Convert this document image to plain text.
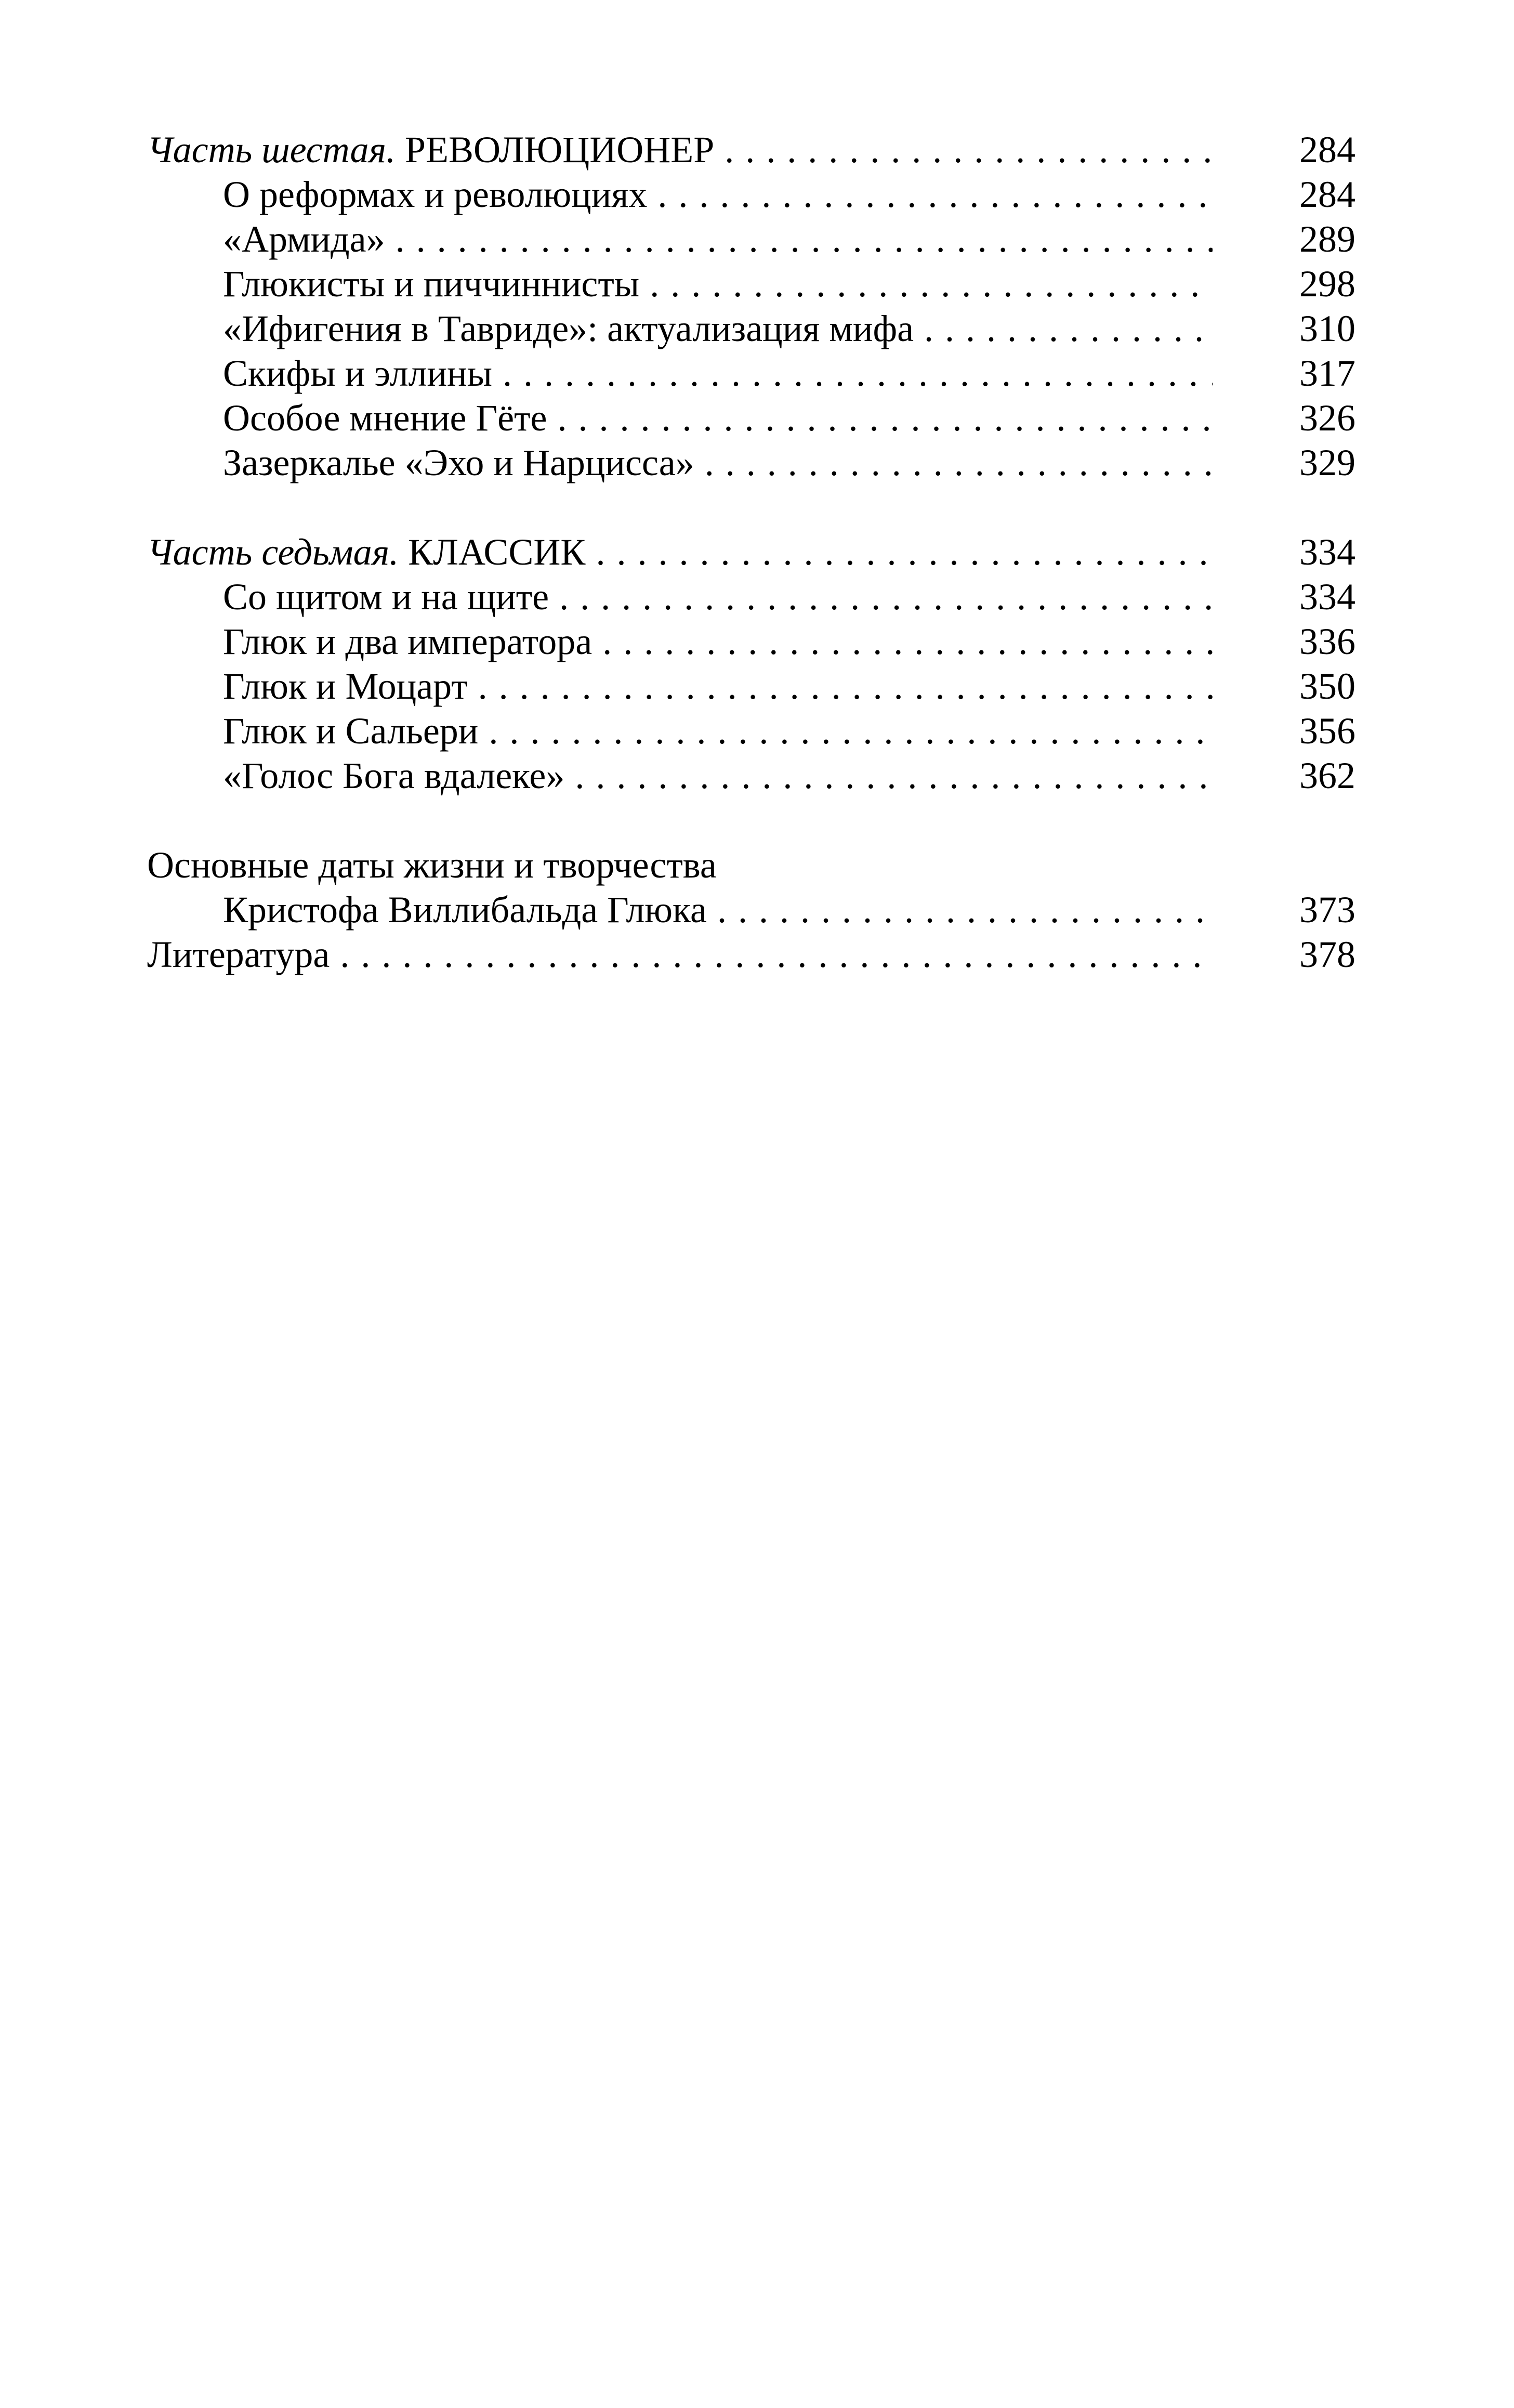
Часть шестая. РЕВОЛЮЦИОНЕР . . .	284
О реформах и революциях . . .	284
«Армида» . . .	289
Глюкисты и пиччиннисты . . .	298
«Ифигения в Тавриде»: актуализация мифа . . .	310
Скифы и эллины . . .	317
Особое мнение Гёте . . .	326
Зазеркалье «Эхо и Нарцисса» . . .	329
Часть седьмая. КЛАССИК . . .	334
Со щитом и на щите . . .	334
Глюк и два императора . . .	336
Глюк и Моцарт . . .	350
Глюк и Сальери . . .	356
«Голос Бога вдалеке» . . .	362
Основные даты жизни и творчества
Кристофа Виллибальда Глюка . . .	373
Литература . . .	378
